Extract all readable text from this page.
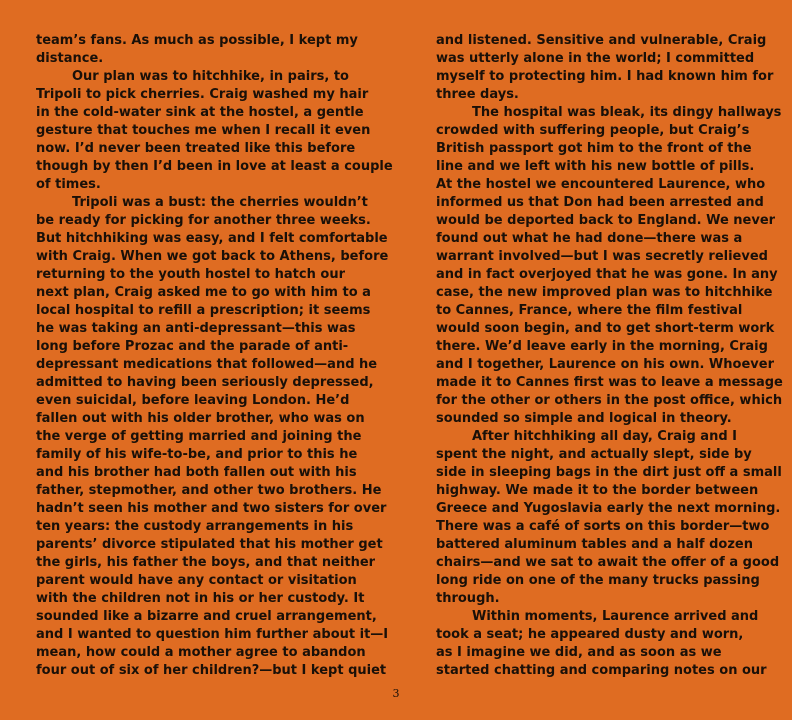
team’s fans. As much as possible, I kept my
distance.
Our plan was to hitchhike, in pairs, to
Tripoli to pick cherries. Craig washed my hair
in the cold-water sink at the hostel, a gentle
gesture that touches me when I recall it even
now. I’d never been treated like this before
though by then I’d been in love at least a couple
of times.
Tripoli was a bust: the cherries wouldn’t
be ready for picking for another three weeks.
But hitchhiking was easy, and I felt comfortable
with Craig. When we got back to Athens, before
returning to the youth hostel to hatch our
next plan, Craig asked me to go with him to a
local hospital to refill a prescription; it seems
he was taking an anti-depressant—this was
long before Prozac and the parade of anti-
depressant medications that followed—and he
admitted to having been seriously depressed,
even suicidal, before leaving London. He’d
fallen out with his older brother, who was on
the verge of getting married and joining the
family of his wife-to-be, and prior to this he
and his brother had both fallen out with his
father, stepmother, and other two brothers. He
hadn’t seen his mother and two sisters for over
ten years: the custody arrangements in his
parents’ divorce stipulated that his mother get
the girls, his father the boys, and that neither
parent would have any contact or visitation
with the children not in his or her custody. It
sounded like a bizarre and cruel arrangement,
and I wanted to question him further about it—I
mean, how could a mother agree to abandon
four out of six of her children?—but I kept quiet
and listened. Sensitive and vulnerable, Craig
was utterly alone in the world; I committed
myself to protecting him. I had known him for
three days.
The hospital was bleak, its dingy hallways
crowded with suffering people, but Craig’s
British passport got him to the front of the
line and we left with his new bottle of pills.
At the hostel we encountered Laurence, who
informed us that Don had been arrested and
would be deported back to England. We never
found out what he had done—there was a
warrant involved—but I was secretly relieved
and in fact overjoyed that he was gone. In any
case, the new improved plan was to hitchhike
to Cannes, France, where the film festival
would soon begin, and to get short-term work
there. We’d leave early in the morning, Craig
and I together, Laurence on his own. Whoever
made it to Cannes first was to leave a message
for the other or others in the post office, which
sounded so simple and logical in theory.
After hitchhiking all day, Craig and I
spent the night, and actually slept, side by
side in sleeping bags in the dirt just off a small
highway. We made it to the border between
Greece and Yugoslavia early the next morning.
There was a café of sorts on this border—two
battered aluminum tables and a half dozen
chairs—and we sat to await the offer of a good
long ride on one of the many trucks passing
through.
Within moments, Laurence arrived and
took a seat; he appeared dusty and worn,
as I imagine we did, and as soon as we
started chatting and comparing notes on our
3
